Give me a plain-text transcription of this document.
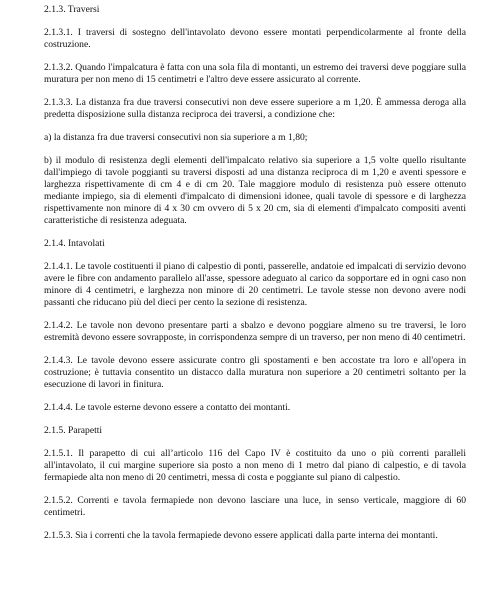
2.1.3. Traversi

2.1.3.1. I traversi di sostegno dell'intavolato devono essere montati perpendicolarmente al fronte della costruzione.

2.1.3.2. Quando l'impalcatura è fatta con una sola fila di montanti, un estremo dei traversi deve poggiare sulla muratura per non meno di 15 centimetri e l'altro deve essere assicurato al corrente.

2.1.3.3. La distanza fra due traversi consecutivi non deve essere superiore a m 1,20. È ammessa deroga alla predetta disposizione sulla distanza reciproca dei traversi, a condizione che:

a) la distanza fra due traversi consecutivi non sia superiore a m 1,80;

b) il modulo di resistenza degli elementi dell'impalcato relativo sia superiore a 1,5 volte quello risultante dall'impiego di tavole poggianti su traversi disposti ad una distanza reciproca di m 1,20 e aventi spessore e larghezza rispettivamente di cm 4 e di cm 20. Tale maggiore modulo di resistenza può essere ottenuto mediante impiego, sia di elementi d'impalcato di dimensioni idonee, quali tavole di spessore e di larghezza rispettivamente non minore di 4 x 30 cm ovvero di 5 x 20 cm, sia di elementi d'impalcato compositi aventi caratteristiche di resistenza adeguata.

2.1.4. Intavolati

2.1.4.1. Le tavole costituenti il piano di calpestio di ponti, passerelle, andatoie ed impalcati di servizio devono avere le fibre con andamento parallelo all'asse, spessore adeguato al carico da sopportare ed in ogni caso non minore di 4 centimetri, e larghezza non minore di 20 centimetri. Le tavole stesse non devono avere nodi passanti che riducano più del dieci per cento la sezione di resistenza.

2.1.4.2. Le tavole non devono presentare parti a sbalzo e devono poggiare almeno su tre traversi, le loro estremità devono essere sovrapposte, in corrispondenza sempre di un traverso, per non meno di 40 centimetri.

2.1.4.3. Le tavole devono essere assicurate contro gli spostamenti e ben accostate tra loro e all'opera in costruzione; è tuttavia consentito un distacco dalla muratura non superiore a 20 centimetri soltanto per la esecuzione di lavori in finitura.

2.1.4.4. Le tavole esterne devono essere a contatto dei montanti.

2.1.5. Parapetti

2.1.5.1. Il parapetto di cui all’articolo 116 del Capo IV è costituito da uno o più correnti paralleli all'intavolato, il cui margine superiore sia posto a non meno di 1 metro dal piano di calpestio, e di tavola fermapiede alta non meno di 20 centimetri, messa di costa e poggiante sul piano di calpestio.

2.1.5.2. Correnti e tavola fermapiede non devono lasciare una luce, in senso verticale, maggiore di 60 centimetri.

2.1.5.3. Sia i correnti che la tavola fermapiede devono essere applicati dalla parte interna dei montanti.
